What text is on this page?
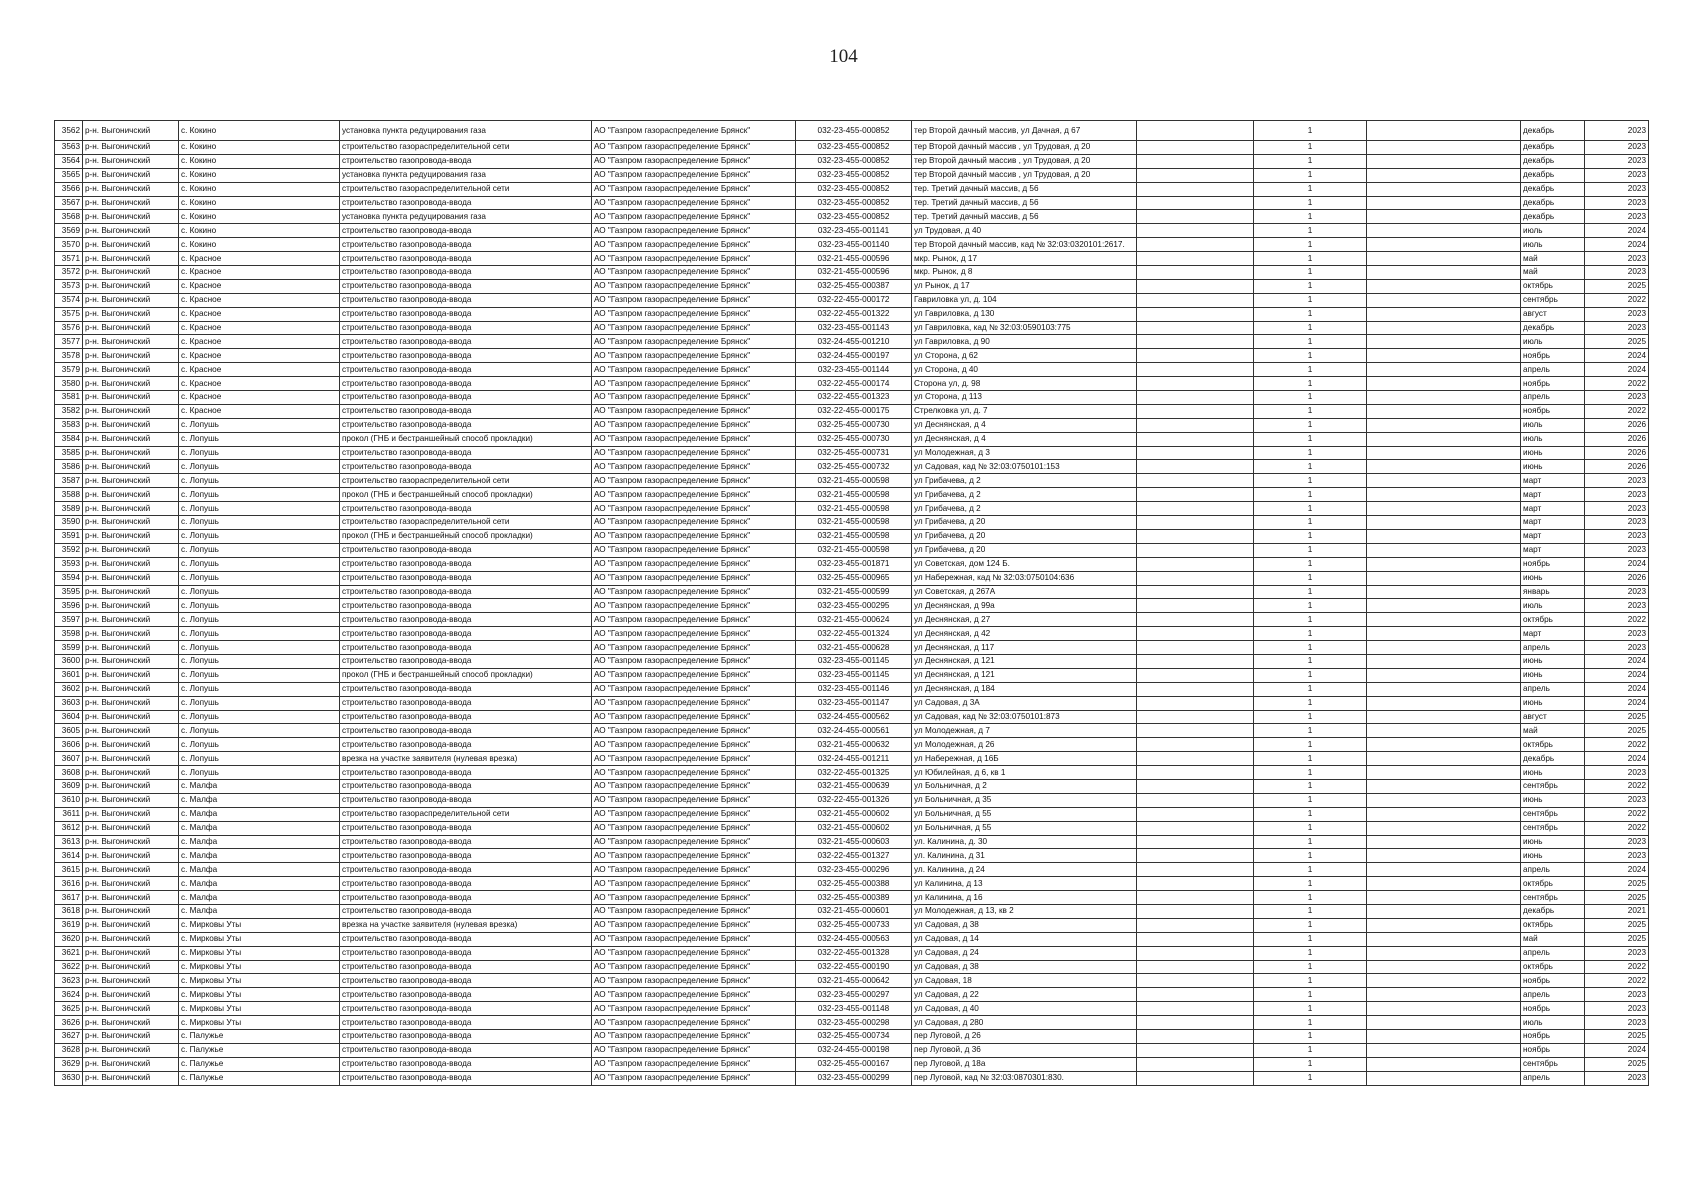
104
3562	р-н. Выгоничский	с. Кокино	установка пункта редуцирования газа	АО "Газпром газораспределение Брянск"	032-23-455-000852	тер Второй дачный массив, ул Дачная, д 67		1		декабрь	2023
3563	р-н. Выгоничский	с. Кокино	строительство газораспределительной сети	АО "Газпром газораспределение Брянск"	032-23-455-000852	тер Второй дачный массив , ул Трудовая, д 20		1		декабрь	2023
3564	р-н. Выгоничский	с. Кокино	строительство газопровода-ввода	АО "Газпром газораспределение Брянск"	032-23-455-000852	тер Второй дачный массив , ул Трудовая, д 20		1		декабрь	2023
3565	р-н. Выгоничский	с. Кокино	установка пункта редуцирования газа	АО "Газпром газораспределение Брянск"	032-23-455-000852	тер Второй дачный массив , ул Трудовая, д 20		1		декабрь	2023
3566	р-н. Выгоничский	с. Кокино	строительство газораспределительной сети	АО "Газпром газораспределение Брянск"	032-23-455-000852	тер. Третий дачный массив, д 56		1		декабрь	2023
3567	р-н. Выгоничский	с. Кокино	строительство газопровода-ввода	АО "Газпром газораспределение Брянск"	032-23-455-000852	тер. Третий дачный массив, д 56		1		декабрь	2023
3568	р-н. Выгоничский	с. Кокино	установка пункта редуцирования газа	АО "Газпром газораспределение Брянск"	032-23-455-000852	тер. Третий дачный массив, д 56		1		декабрь	2023
3569	р-н. Выгоничский	с. Кокино	строительство газопровода-ввода	АО "Газпром газораспределение Брянск"	032-23-455-001141	ул Трудовая, д 40		1		июль	2024
3570	р-н. Выгоничский	с. Кокино	строительство газопровода-ввода	АО "Газпром газораспределение Брянск"	032-23-455-001140	тер Второй дачный массив, кад № 32:03:0320101:2617.		1		июль	2024
3571	р-н. Выгоничский	с. Красное	строительство газопровода-ввода	АО "Газпром газораспределение Брянск"	032-21-455-000596	мкр. Рынок, д 17		1		май	2023
3572	р-н. Выгоничский	с. Красное	строительство газопровода-ввода	АО "Газпром газораспределение Брянск"	032-21-455-000596	мкр. Рынок, д 8		1		май	2023
3573	р-н. Выгоничский	с. Красное	строительство газопровода-ввода	АО "Газпром газораспределение Брянск"	032-25-455-000387	ул Рынок, д 17		1		октябрь	2025
3574	р-н. Выгоничский	с. Красное	строительство газопровода-ввода	АО "Газпром газораспределение Брянск"	032-22-455-000172	Гавриловка ул, д. 104		1		сентябрь	2022
3575	р-н. Выгоничский	с. Красное	строительство газопровода-ввода	АО "Газпром газораспределение Брянск"	032-22-455-001322	ул Гавриловка, д 130		1		август	2023
3576	р-н. Выгоничский	с. Красное	строительство газопровода-ввода	АО "Газпром газораспределение Брянск"	032-23-455-001143	ул Гавриловка, кад № 32:03:0590103:775		1		декабрь	2023
3577	р-н. Выгоничский	с. Красное	строительство газопровода-ввода	АО "Газпром газораспределение Брянск"	032-24-455-001210	ул Гавриловка, д 90		1		июль	2025
3578	р-н. Выгоничский	с. Красное	строительство газопровода-ввода	АО "Газпром газораспределение Брянск"	032-24-455-000197	ул Сторона, д 62		1		ноябрь	2024
3579	р-н. Выгоничский	с. Красное	строительство газопровода-ввода	АО "Газпром газораспределение Брянск"	032-23-455-001144	ул Сторона, д 40		1		апрель	2024
3580	р-н. Выгоничский	с. Красное	строительство газопровода-ввода	АО "Газпром газораспределение Брянск"	032-22-455-000174	Сторона ул, д. 98		1		ноябрь	2022
3581	р-н. Выгоничский	с. Красное	строительство газопровода-ввода	АО "Газпром газораспределение Брянск"	032-22-455-001323	ул Сторона, д 113		1		апрель	2023
3582	р-н. Выгоничский	с. Красное	строительство газопровода-ввода	АО "Газпром газораспределение Брянск"	032-22-455-000175	Стрелковка ул, д. 7		1		ноябрь	2022
3583	р-н. Выгоничский	с. Лопушь	строительство газопровода-ввода	АО "Газпром газораспределение Брянск"	032-25-455-000730	ул Деснянская, д 4		1		июль	2026
3584	р-н. Выгоничский	с. Лопушь	прокол (ГНБ и бестраншейный способ прокладки)	АО "Газпром газораспределение Брянск"	032-25-455-000730	ул Деснянская, д 4		1		июль	2026
3585	р-н. Выгоничский	с. Лопушь	строительство газопровода-ввода	АО "Газпром газораспределение Брянск"	032-25-455-000731	ул Молодежная, д 3		1		июнь	2026
3586	р-н. Выгоничский	с. Лопушь	строительство газопровода-ввода	АО "Газпром газораспределение Брянск"	032-25-455-000732	ул Садовая, кад № 32:03:0750101:153		1		июнь	2026
3587	р-н. Выгоничский	с. Лопушь	строительство газораспределительной сети	АО "Газпром газораспределение Брянск"	032-21-455-000598	ул Грибачева, д 2		1		март	2023
3588	р-н. Выгоничский	с. Лопушь	прокол (ГНБ и бестраншейный способ прокладки)	АО "Газпром газораспределение Брянск"	032-21-455-000598	ул Грибачева, д 2		1		март	2023
3589	р-н. Выгоничский	с. Лопушь	строительство газопровода-ввода	АО "Газпром газораспределение Брянск"	032-21-455-000598	ул Грибачева, д 2		1		март	2023
3590	р-н. Выгоничский	с. Лопушь	строительство газораспределительной сети	АО "Газпром газораспределение Брянск"	032-21-455-000598	ул Грибачева, д 20		1		март	2023
3591	р-н. Выгоничский	с. Лопушь	прокол (ГНБ и бестраншейный способ прокладки)	АО "Газпром газораспределение Брянск"	032-21-455-000598	ул Грибачева, д 20		1		март	2023
3592	р-н. Выгоничский	с. Лопушь	строительство газопровода-ввода	АО "Газпром газораспределение Брянск"	032-21-455-000598	ул Грибачева, д 20		1		март	2023
3593	р-н. Выгоничский	с. Лопушь	строительство газопровода-ввода	АО "Газпром газораспределение Брянск"	032-23-455-001871	ул Советская, дом 124 Б.		1		ноябрь	2024
3594	р-н. Выгоничский	с. Лопушь	строительство газопровода-ввода	АО "Газпром газораспределение Брянск"	032-25-455-000965	ул Набережная, кад № 32:03:0750104:636		1		июнь	2026
3595	р-н. Выгоничский	с. Лопушь	строительство газопровода-ввода	АО "Газпром газораспределение Брянск"	032-21-455-000599	ул Советская, д 267А		1		январь	2023
3596	р-н. Выгоничский	с. Лопушь	строительство газопровода-ввода	АО "Газпром газораспределение Брянск"	032-23-455-000295	ул Деснянская, д 99а		1		июль	2023
3597	р-н. Выгоничский	с. Лопушь	строительство газопровода-ввода	АО "Газпром газораспределение Брянск"	032-21-455-000624	ул Деснянская, д 27		1		октябрь	2022
3598	р-н. Выгоничский	с. Лопушь	строительство газопровода-ввода	АО "Газпром газораспределение Брянск"	032-22-455-001324	ул Деснянская, д 42		1		март	2023
3599	р-н. Выгоничский	с. Лопушь	строительство газопровода-ввода	АО "Газпром газораспределение Брянск"	032-21-455-000628	ул Деснянская, д 117		1		апрель	2023
3600	р-н. Выгоничский	с. Лопушь	строительство газопровода-ввода	АО "Газпром газораспределение Брянск"	032-23-455-001145	ул Деснянская, д 121		1		июнь	2024
3601	р-н. Выгоничский	с. Лопушь	прокол (ГНБ и бестраншейный способ прокладки)	АО "Газпром газораспределение Брянск"	032-23-455-001145	ул Деснянская, д 121		1		июнь	2024
3602	р-н. Выгоничский	с. Лопушь	строительство газопровода-ввода	АО "Газпром газораспределение Брянск"	032-23-455-001146	ул Деснянская, д 184		1		апрель	2024
3603	р-н. Выгоничский	с. Лопушь	строительство газопровода-ввода	АО "Газпром газораспределение Брянск"	032-23-455-001147	ул Садовая, д 3А		1		июнь	2024
3604	р-н. Выгоничский	с. Лопушь	строительство газопровода-ввода	АО "Газпром газораспределение Брянск"	032-24-455-000562	ул Садовая, кад № 32:03:0750101:873		1		август	2025
3605	р-н. Выгоничский	с. Лопушь	строительство газопровода-ввода	АО "Газпром газораспределение Брянск"	032-24-455-000561	ул Молодежная, д 7		1		май	2025
3606	р-н. Выгоничский	с. Лопушь	строительство газопровода-ввода	АО "Газпром газораспределение Брянск"	032-21-455-000632	ул Молодежная, д 26		1		октябрь	2022
3607	р-н. Выгоничский	с. Лопушь	врезка на участке заявителя (нулевая врезка)	АО "Газпром газораспределение Брянск"	032-24-455-001211	ул Набережная, д 16Б		1		декабрь	2024
3608	р-н. Выгоничский	с. Лопушь	строительство газопровода-ввода	АО "Газпром газораспределение Брянск"	032-22-455-001325	ул Юбилейная, д 6, кв 1		1		июнь	2023
3609	р-н. Выгоничский	с. Малфа	строительство газопровода-ввода	АО "Газпром газораспределение Брянск"	032-21-455-000639	ул Больничная, д 2		1		сентябрь	2022
3610	р-н. Выгоничский	с. Малфа	строительство газопровода-ввода	АО "Газпром газораспределение Брянск"	032-22-455-001326	ул Больничная, д 35		1		июнь	2023
3611	р-н. Выгоничский	с. Малфа	строительство газораспределительной сети	АО "Газпром газораспределение Брянск"	032-21-455-000602	ул Больничная, д 55		1		сентябрь	2022
3612	р-н. Выгоничский	с. Малфа	строительство газопровода-ввода	АО "Газпром газораспределение Брянск"	032-21-455-000602	ул Больничная, д 55		1		сентябрь	2022
3613	р-н. Выгоничский	с. Малфа	строительство газопровода-ввода	АО "Газпром газораспределение Брянск"	032-21-455-000603	ул. Калинина, д. 30		1		июнь	2023
3614	р-н. Выгоничский	с. Малфа	строительство газопровода-ввода	АО "Газпром газораспределение Брянск"	032-22-455-001327	ул. Калинина, д 31		1		июнь	2023
3615	р-н. Выгоничский	с. Малфа	строительство газопровода-ввода	АО "Газпром газораспределение Брянск"	032-23-455-000296	ул. Калинина, д 24		1		апрель	2024
3616	р-н. Выгоничский	с. Малфа	строительство газопровода-ввода	АО "Газпром газораспределение Брянск"	032-25-455-000388	ул Калинина, д 13		1		октябрь	2025
3617	р-н. Выгоничский	с. Малфа	строительство газопровода-ввода	АО "Газпром газораспределение Брянск"	032-25-455-000389	ул Калинина, д 16		1		сентябрь	2025
3618	р-н. Выгоничский	с. Малфа	строительство газопровода-ввода	АО "Газпром газораспределение Брянск"	032-21-455-000601	ул Молодежная, д 13, кв 2		1		декабрь	2021
3619	р-н. Выгоничский	с. Мирковы Уты	врезка на участке заявителя (нулевая врезка)	АО "Газпром газораспределение Брянск"	032-25-455-000733	ул Садовая, д 38		1		октябрь	2025
3620	р-н. Выгоничский	с. Мирковы Уты	строительство газопровода-ввода	АО "Газпром газораспределение Брянск"	032-24-455-000563	ул Садовая, д 14		1		май	2025
3621	р-н. Выгоничский	с. Мирковы Уты	строительство газопровода-ввода	АО "Газпром газораспределение Брянск"	032-22-455-001328	ул Садовая, д 24		1		апрель	2023
3622	р-н. Выгоничский	с. Мирковы Уты	строительство газопровода-ввода	АО "Газпром газораспределение Брянск"	032-22-455-000190	ул Садовая, д 38		1		октябрь	2022
3623	р-н. Выгоничский	с. Мирковы Уты	строительство газопровода-ввода	АО "Газпром газораспределение Брянск"	032-21-455-000642	ул Садовая, 18		1		ноябрь	2022
3624	р-н. Выгоничский	с. Мирковы Уты	строительство газопровода-ввода	АО "Газпром газораспределение Брянск"	032-23-455-000297	ул Садовая, д 22		1		апрель	2023
3625	р-н. Выгоничский	с. Мирковы Уты	строительство газопровода-ввода	АО "Газпром газораспределение Брянск"	032-23-455-001148	ул Садовая, д 40		1		ноябрь	2023
3626	р-н. Выгоничский	с. Мирковы Уты	строительство газопровода-ввода	АО "Газпром газораспределение Брянск"	032-23-455-000298	ул Садовая, д 280		1		июль	2023
3627	р-н. Выгоничский	с. Палужье	строительство газопровода-ввода	АО "Газпром газораспределение Брянск"	032-25-455-000734	пер Луговой, д 26		1		ноябрь	2025
3628	р-н. Выгоничский	с. Палужье	строительство газопровода-ввода	АО "Газпром газораспределение Брянск"	032-24-455-000198	пер Луговой, д 36		1		ноябрь	2024
3629	р-н. Выгоничский	с. Палужье	строительство газопровода-ввода	АО "Газпром газораспределение Брянск"	032-25-455-000167	пер Луговой, д 18а		1		сентябрь	2025
3630	р-н. Выгоничский	с. Палужье	строительство газопровода-ввода	АО "Газпром газораспределение Брянск"	032-23-455-000299	пер Луговой, кад № 32:03:0870301:830.		1		апрель	2023
